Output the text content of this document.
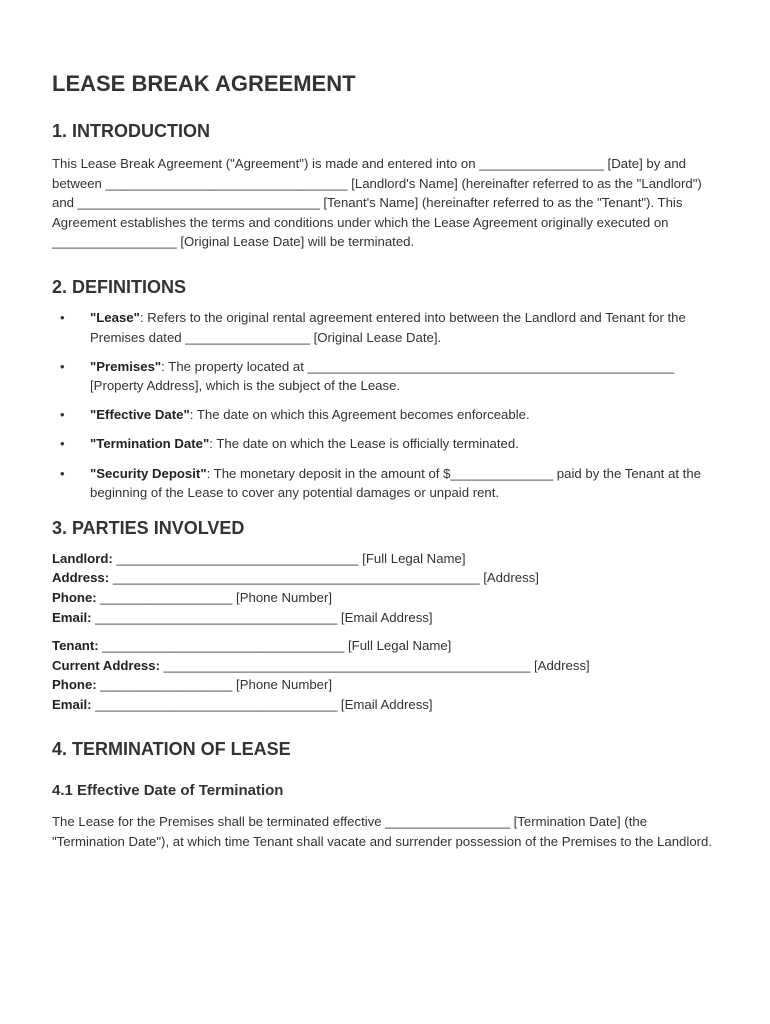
LEASE BREAK AGREEMENT
1. INTRODUCTION

This Lease Break Agreement ("Agreement") is made and entered into on _________________ [Date] by and between _________________________________ [Landlord's Name] (hereinafter referred to as the "Landlord") and _________________________________ [Tenant's Name] (hereinafter referred to as the "Tenant"). This Agreement establishes the terms and conditions under which the Lease Agreement originally executed on _________________ [Original Lease Date] will be terminated.

2. DEFINITIONS
• "Lease": Refers to the original rental agreement entered into between the Landlord and Tenant for the Premises dated _________________ [Original Lease Date].
• "Premises": The property located at __________________________________________________ [Property Address], which is the subject of the Lease.
• "Effective Date": The date on which this Agreement becomes enforceable.
• "Termination Date": The date on which the Lease is officially terminated.
• "Security Deposit": The monetary deposit in the amount of $______________ paid by the Tenant at the beginning of the Lease to cover any potential damages or unpaid rent.
3. PARTIES INVOLVED
Landlord: _________________________________ [Full Legal Name]
Address: __________________________________________________ [Address]
Phone: __________________ [Phone Number]
Email: _________________________________ [Email Address]
Tenant: _________________________________ [Full Legal Name]
Current Address: __________________________________________________ [Address]
Phone: __________________ [Phone Number]
Email: _________________________________ [Email Address]
4. TERMINATION OF LEASE
4.1 Effective Date of Termination

The Lease for the Premises shall be terminated effective _________________ [Termination Date] (the "Termination Date"), at which time Tenant shall vacate and surrender possession of the Premises to the Landlord.
